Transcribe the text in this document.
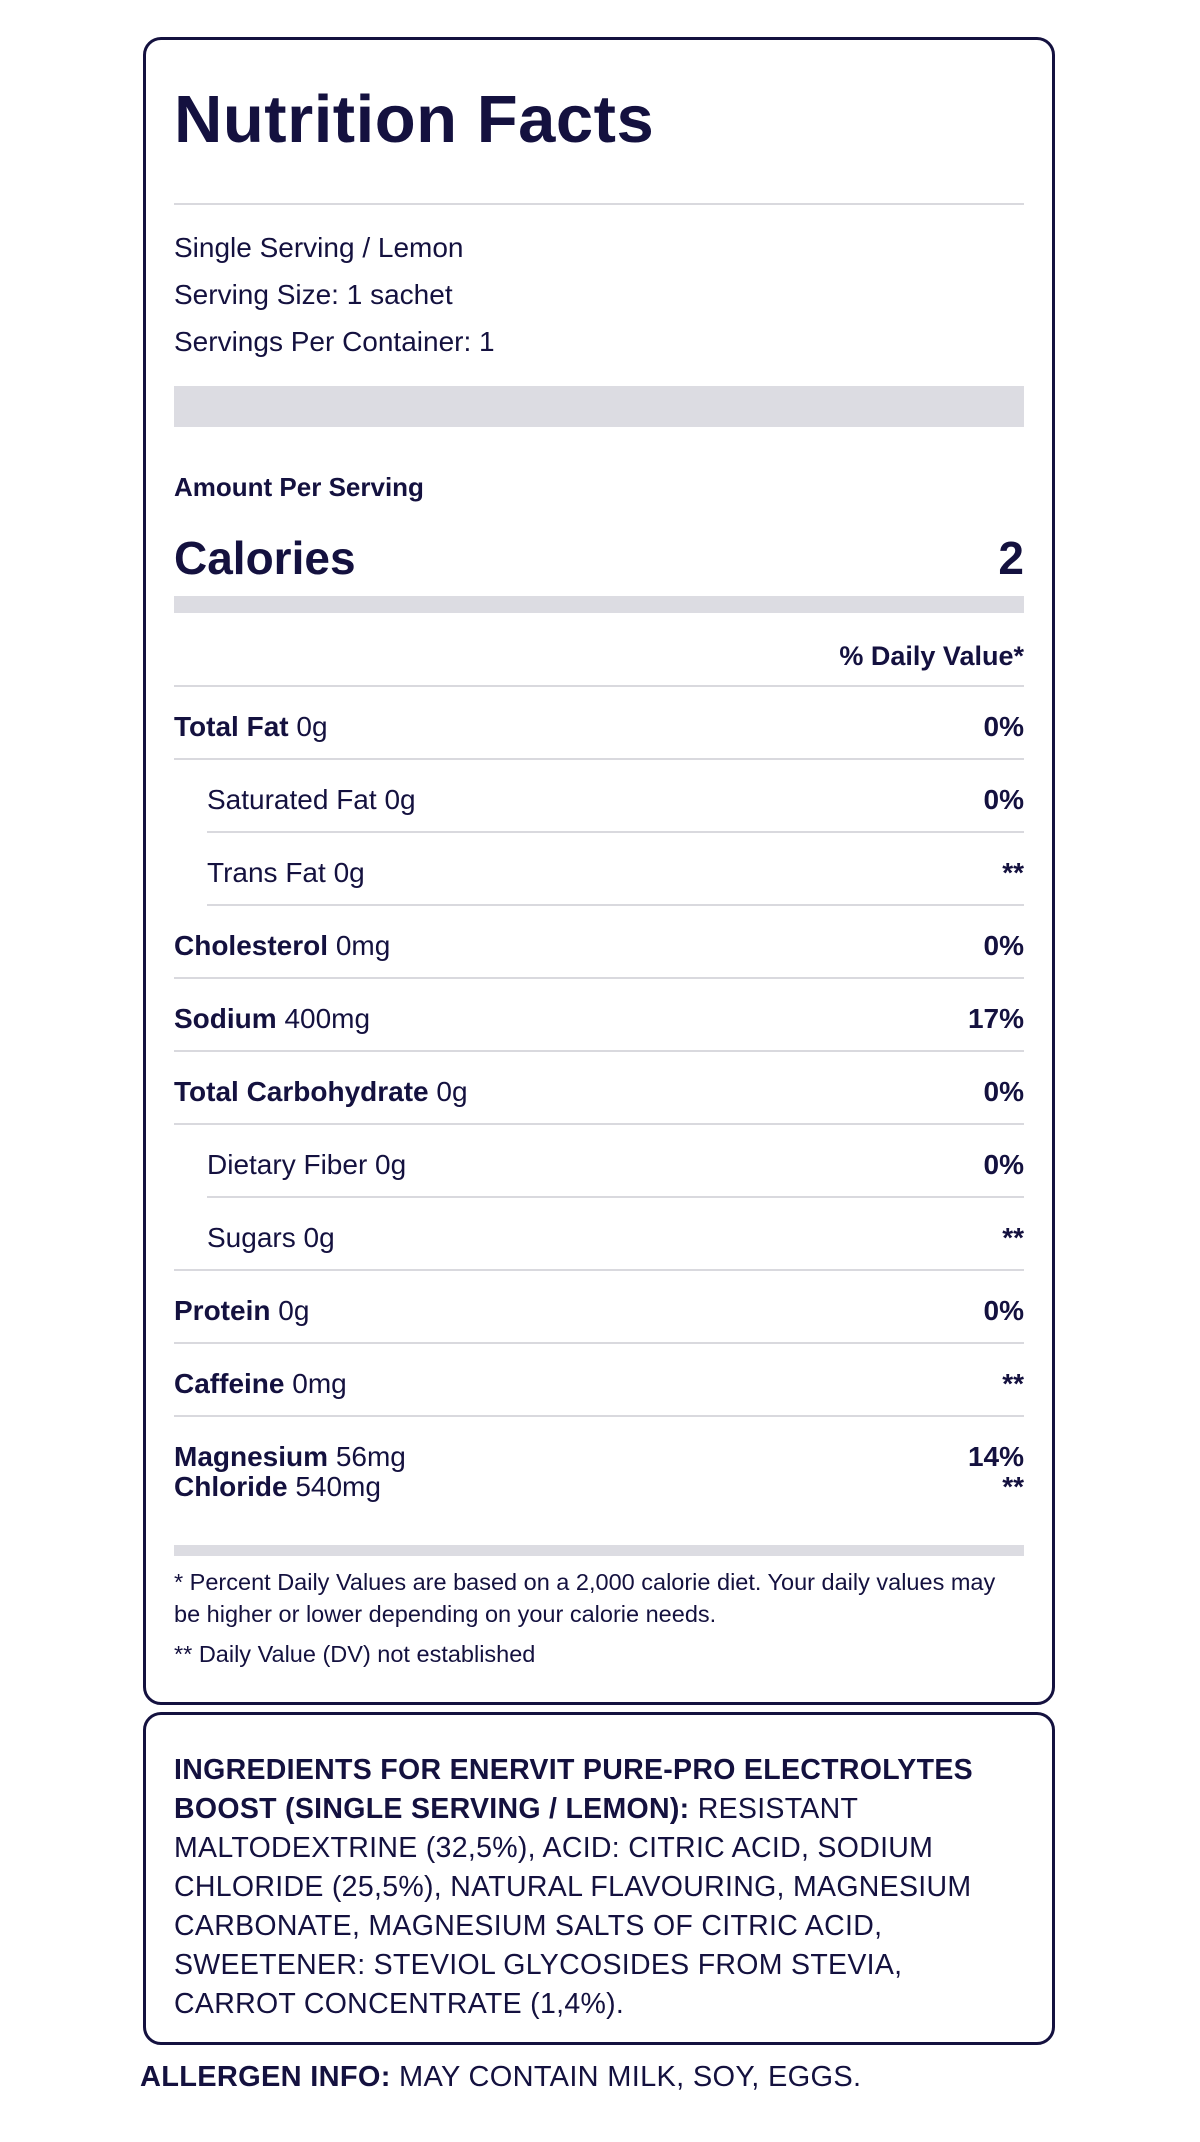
Nutrition Facts
Single Serving / Lemon
Serving Size: 1 sachet
Servings Per Container: 1
Amount Per Serving
Calories	2
% Daily Value*
Total Fat 0g	0%
Saturated Fat 0g	0%
Trans Fat 0g	**
Cholesterol 0mg	0%
Sodium 400mg	17%
Total Carbohydrate 0g	0%
Dietary Fiber 0g	0%
Sugars 0g	**
Protein 0g	0%
Caffeine 0mg	**
Magnesium 56mg	14%
Chloride 540mg	**
* Percent Daily Values are based on a 2,000 calorie diet. Your daily values may be higher or lower depending on your calorie needs.
** Daily Value (DV) not established
INGREDIENTS FOR ENERVIT PURE-PRO ELECTROLYTES BOOST (SINGLE SERVING / LEMON): RESISTANT MALTODEXTRINE (32,5%), ACID: CITRIC ACID, SODIUM CHLORIDE (25,5%), NATURAL FLAVOURING, MAGNESIUM CARBONATE, MAGNESIUM SALTS OF CITRIC ACID, SWEETENER: STEVIOL GLYCOSIDES FROM STEVIA, CARROT CONCENTRATE (1,4%).
ALLERGEN INFO: MAY CONTAIN MILK, SOY, EGGS.
